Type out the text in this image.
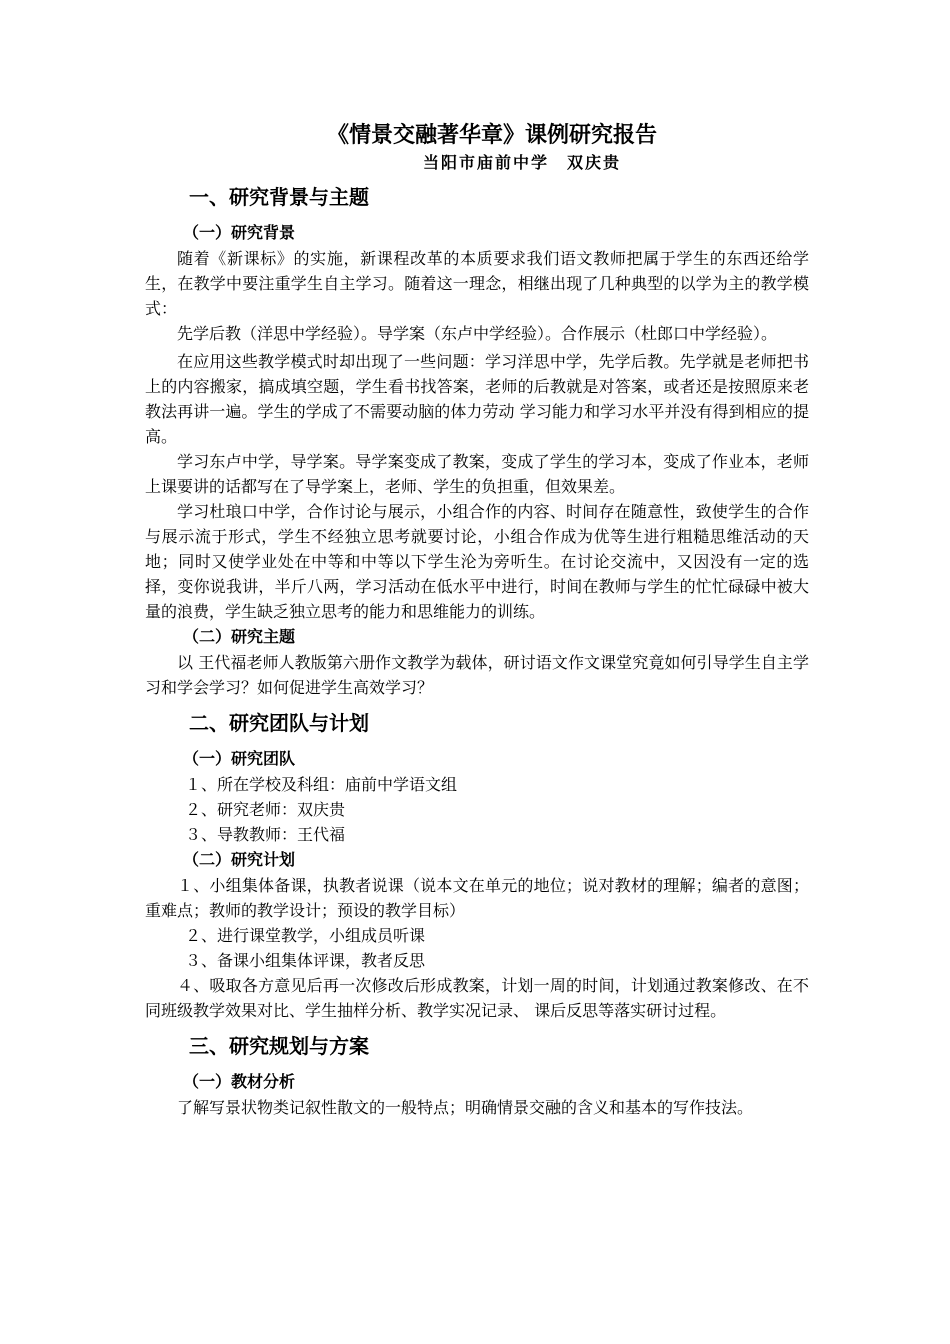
《情景交融著华章》课例研究报告
当阳市庙前中学　双庆贵
一、研究背景与主题
（一）研究背景

随着《新课标》的实施，新课程改革的本质要求我们语文教师把属于学生的东西还给学生，在教学中要注重学生自主学习。随着这一理念，相继出现了几种典型的以学为主的教学模式：

先学后教（洋思中学经验）。导学案（东卢中学经验）。合作展示（杜郎口中学经验）。

在应用这些教学模式时却出现了一些问题：学习洋思中学，先学后教。先学就是老师把书上的内容搬家，搞成填空题，学生看书找答案，老师的后教就是对答案，或者还是按照原来老教法再讲一遍。学生的学成了不需要动脑的体力劳动 学习能力和学习水平并没有得到相应的提高。

学习东卢中学，导学案。导学案变成了教案，变成了学生的学习本，变成了作业本，老师上课要讲的话都写在了导学案上，老师、学生的负担重，但效果差。

学习杜琅口中学，合作讨论与展示，小组合作的内容、时间存在随意性，致使学生的合作与展示流于形式，学生不经独立思考就要讨论，小组合作成为优等生进行粗糙思维活动的天地；同时又使学业处在中等和中等以下学生沦为旁听生。在讨论交流中，又因没有一定的选择，变你说我讲，半斤八两，学习活动在低水平中进行，时间在教师与学生的忙忙碌碌中被大量的浪费，学生缺乏独立思考的能力和思维能力的训练。

（二）研究主题

以 王代福老师人教版第六册作文教学为载体，研讨语文作文课堂究竟如何引导学生自主学习和学会学习？如何促进学生高效学习？

二、研究团队与计划
（一）研究团队

１、所在学校及科组：庙前中学语文组

２、研究老师：双庆贵

３、导教教师：王代福

（二）研究计划

１、小组集体备课，执教者说课（说本文在单元的地位；说对教材的理解；编者的意图；重难点；教师的教学设计；预设的教学目标）

２、进行课堂教学，小组成员听课

３、备课小组集体评课，教者反思

４、吸取各方意见后再一次修改后形成教案，计划一周的时间，计划通过教案修改、在不同班级教学效果对比、学生抽样分析、教学实况记录、 课后反思等落实研讨过程。

三、研究规划与方案
（一）教材分析

了解写景状物类记叙性散文的一般特点；明确情景交融的含义和基本的写作技法。
